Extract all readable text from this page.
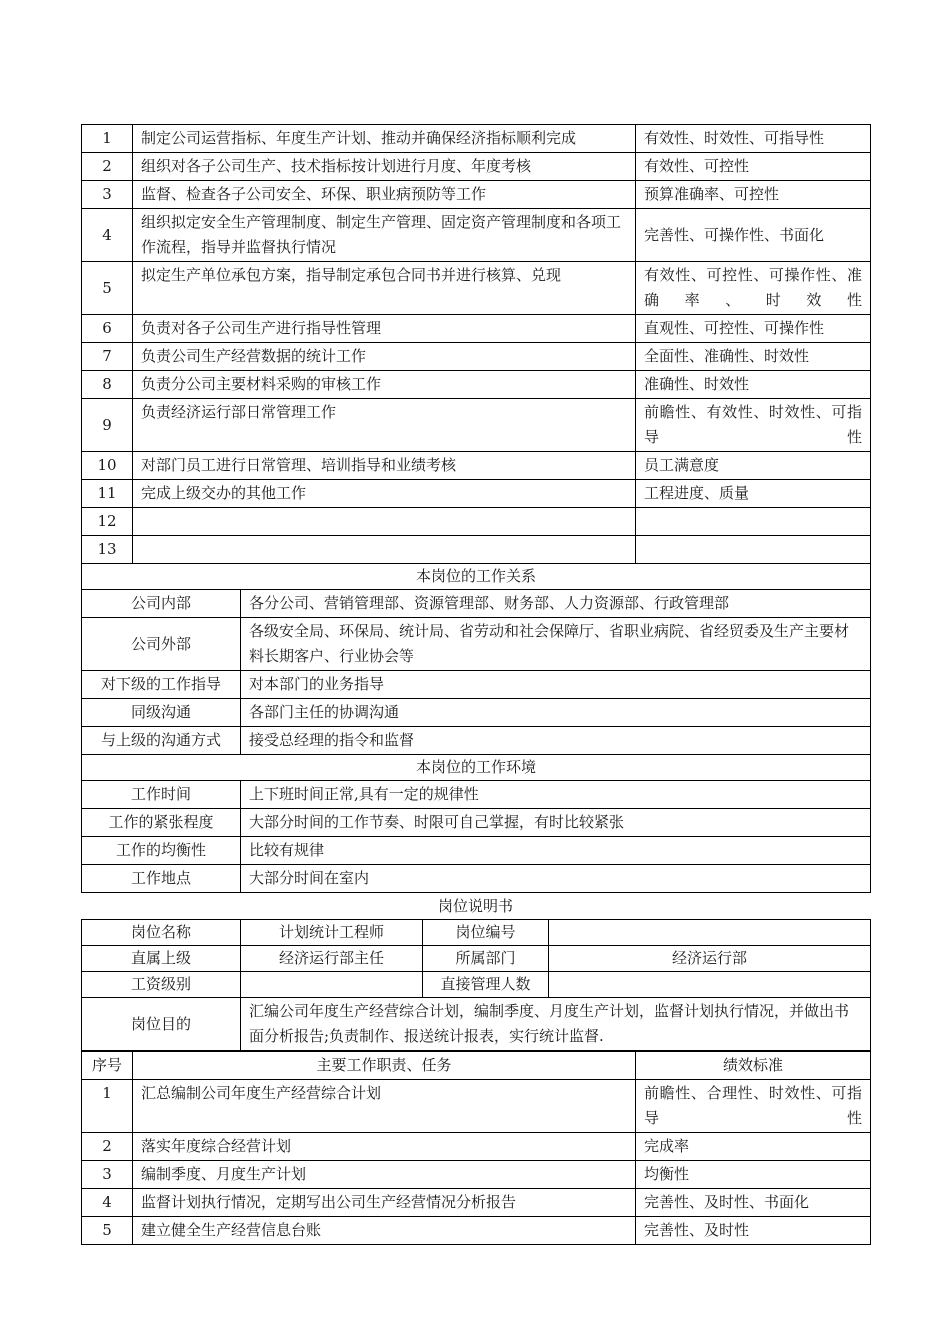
1	制定公司运营指标、年度生产计划、推动并确保经济指标顺利完成		有效性、时效性、可指导性
2	组织对各子公司生产、技术指标按计划进行月度、年度考核		有效性、可控性
3	监督、检查各子公司安全、环保、职业病预防等工作		预算准确率、可控性
4	组织拟定安全生产管理制度、制定生产管理、固定资产管理制度和各项工作流程，指导并监督执行情况		完善性、可操作性、书面化
5	拟定生产单位承包方案，指导制定承包合同书并进行核算、兑现		有效性、可控性、可操作性、准确率、时效性
6	负责对各子公司生产进行指导性管理		直观性、可控性、可操作性
7	负责公司生产经营数据的统计工作		全面性、准确性、时效性
8	负责分公司主要材料采购的审核工作		准确性、时效性
9	负责经济运行部日常管理工作		前瞻性、有效性、时效性、可指导性
10	对部门员工进行日常管理、培训指导和业绩考核		员工满意度
11	完成上级交办的其他工作		工程进度、质量
12			
13			
本岗位的工作关系			
公司内部		各分公司、营销管理部、资源管理部、财务部、人力资源部、行政管理部	
公司外部		各级安全局、环保局、统计局、省劳动和社会保障厅、省职业病院、省经贸委及生产主要材料长期客户、行业协会等	
对下级的工作指导		对本部门的业务指导	
同级沟通		各部门主任的协调沟通	
与上级的沟通方式		接受总经理的指令和监督	
本岗位的工作环境			
工作时间		上下班时间正常,具有一定的规律性	
工作的紧张程度		大部分时间的工作节奏、时限可自己掌握，有时比较紧张	
工作的均衡性		比较有规律	
工作地点		大部分时间在室内	
岗位说明书
岗位名称	计划统计工程师	岗位编号	
直属上级	经济运行部主任	所属部门	经济运行部
工资级别		直接管理人数	
岗位目的	汇编公司年度生产经营综合计划，编制季度、月度生产计划，监督计划执行情况，并做出书面分析报告;负责制作、报送统计报表，实行统计监督.		
序号	主要工作职责、任务	绩效标准
1	汇总编制公司年度生产经营综合计划	前瞻性、合理性、时效性、可指导性
2	落实年度综合经营计划	完成率
3	编制季度、月度生产计划	均衡性
4	监督计划执行情况，定期写出公司生产经营情况分析报告	完善性、及时性、书面化
5	建立健全生产经营信息台账	完善性、及时性
